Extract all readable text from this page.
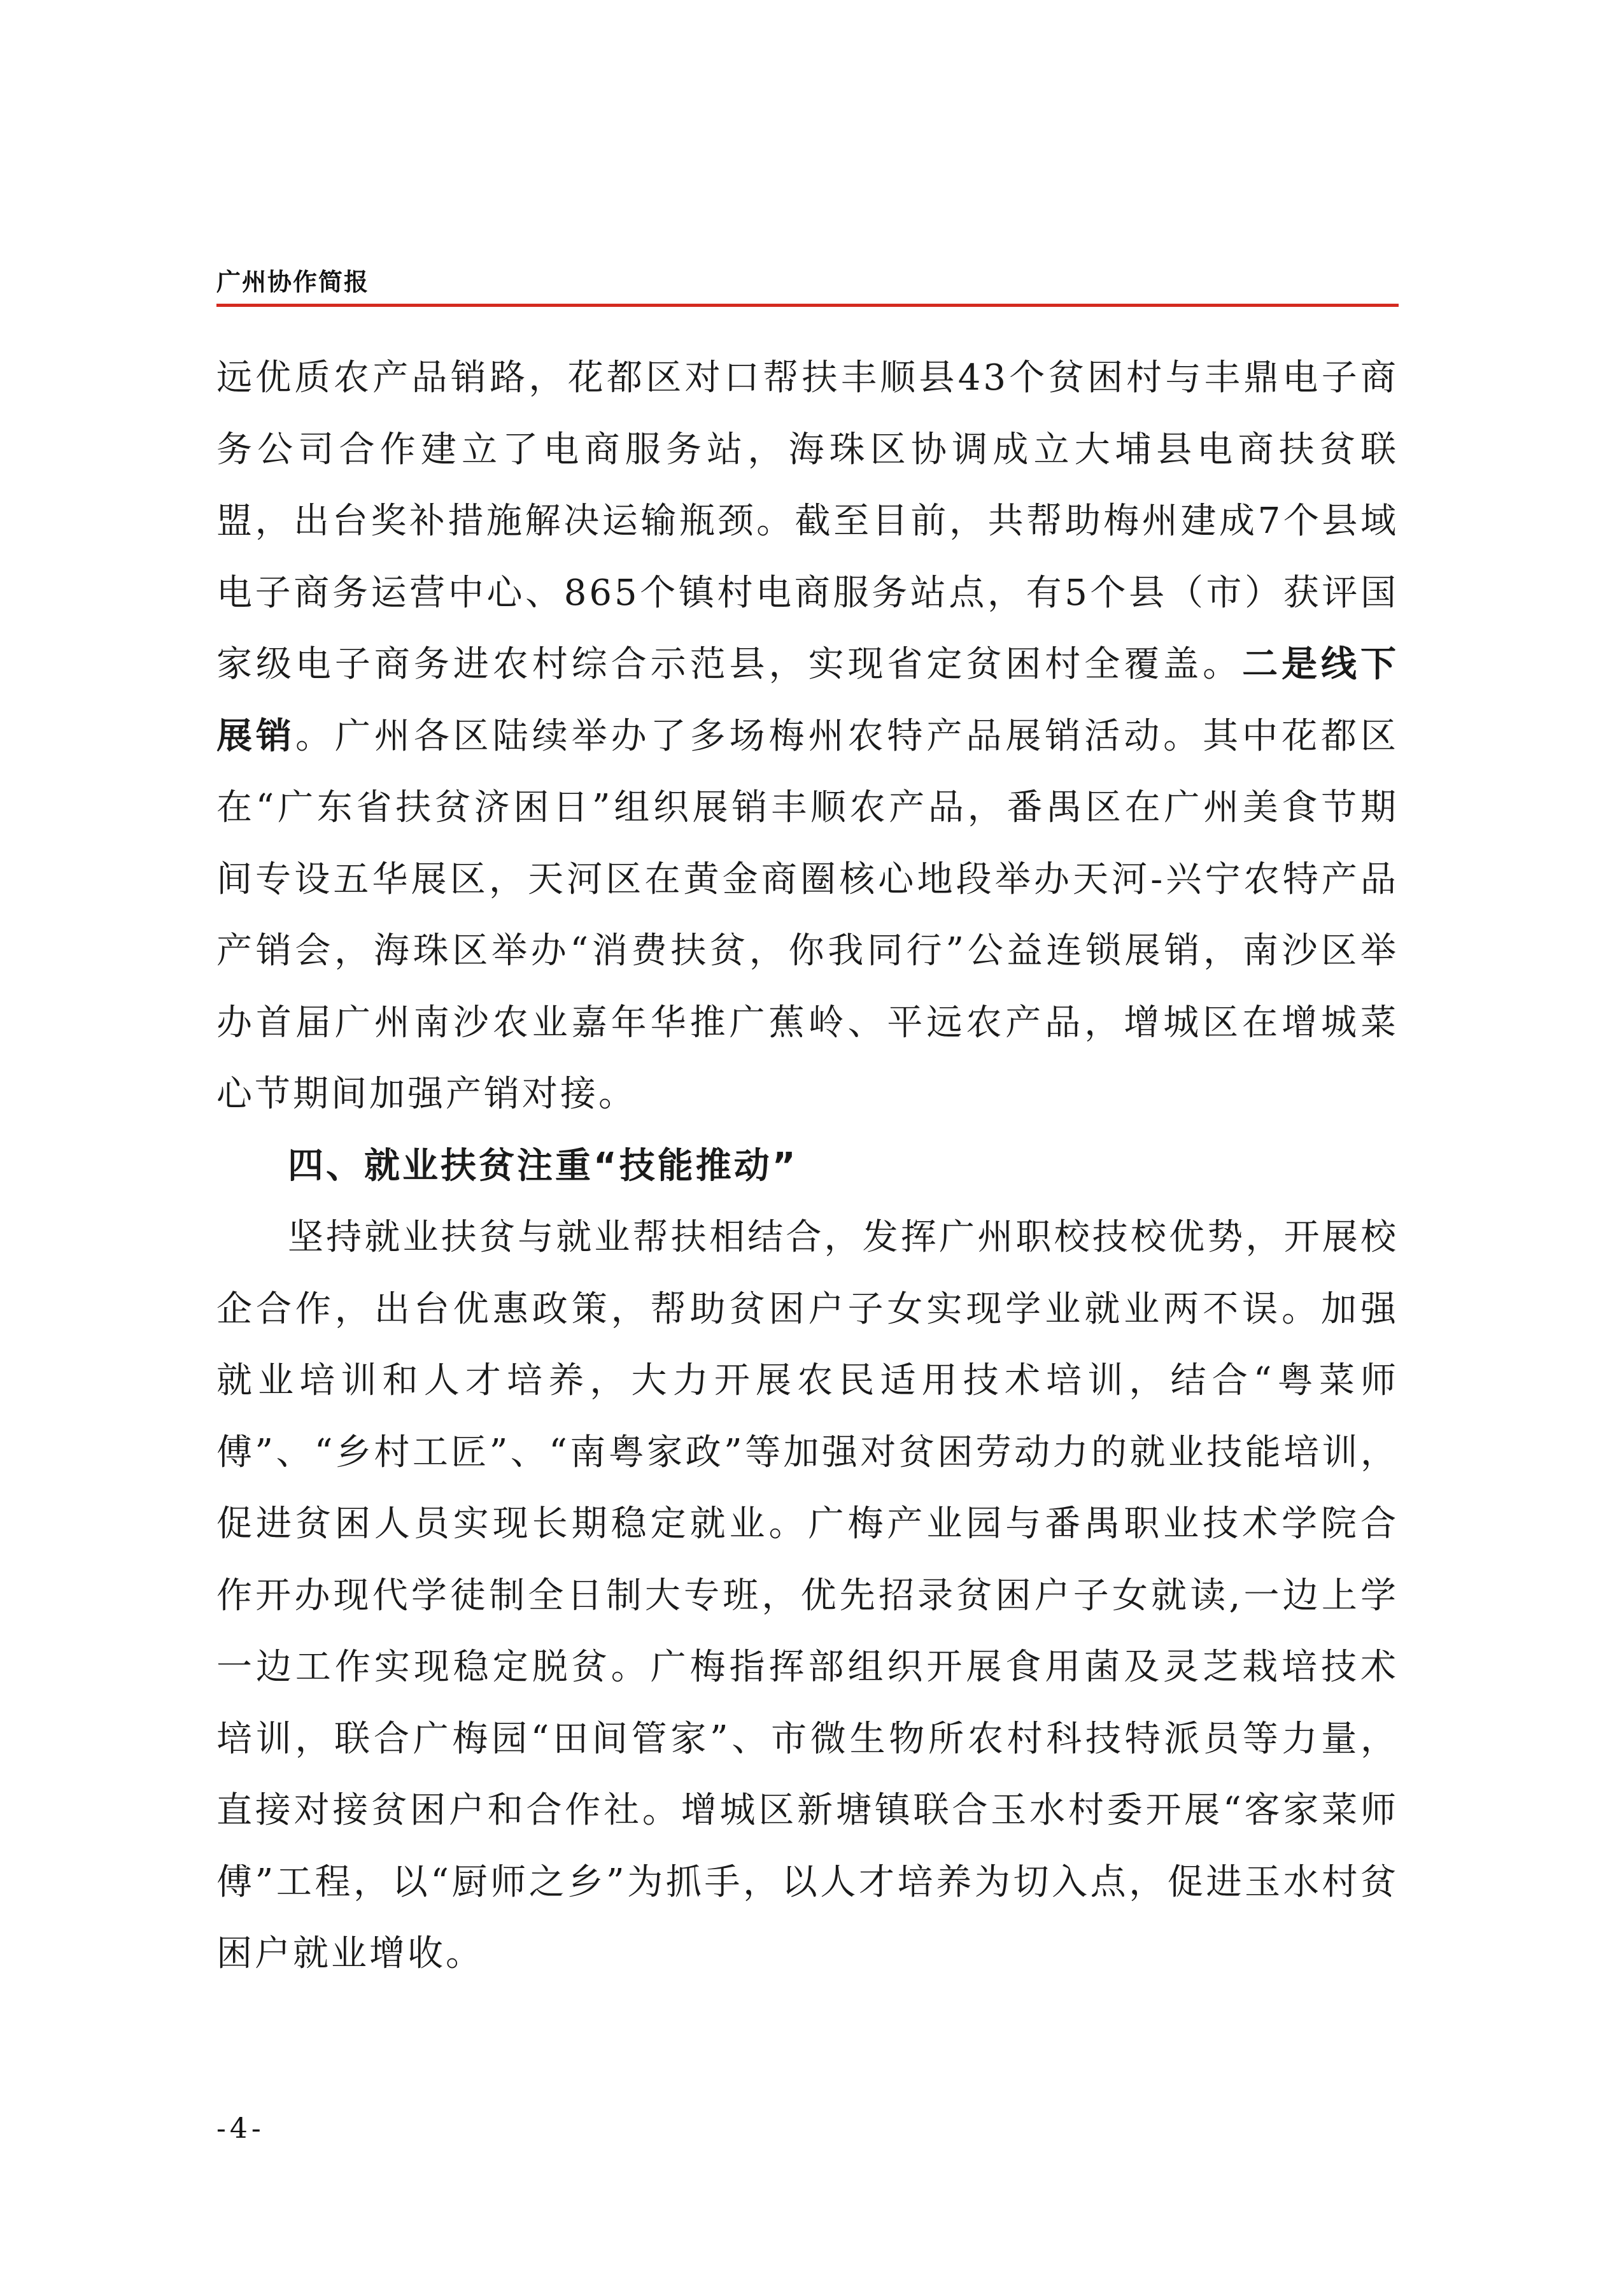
广州协作简报

远优质农产品销路，花都区对口帮扶丰顺县43个贫困村与丰鼎电子商务公司合作建立了电商服务站，海珠区协调成立大埔县电商扶贫联盟，出台奖补措施解决运输瓶颈。截至目前，共帮助梅州建成7个县域电子商务运营中心、865个镇村电商服务站点，有5个县（市）获评国家级电子商务进农村综合示范县，实现省定贫困村全覆盖。二是线下展销。广州各区陆续举办了多场梅州农特产品展销活动。其中花都区在“广东省扶贫济困日”组织展销丰顺农产品，番禺区在广州美食节期间专设五华展区，天河区在黄金商圈核心地段举办天河-兴宁农特产品产销会，海珠区举办“消费扶贫，你我同行”公益连锁展销，南沙区举办首届广州南沙农业嘉年华推广蕉岭、平远农产品，增城区在增城菜心节期间加强产销对接。

四、就业扶贫注重“技能推动”

坚持就业扶贫与就业帮扶相结合，发挥广州职校技校优势，开展校企合作，出台优惠政策，帮助贫困户子女实现学业就业两不误。加强就业培训和人才培养，大力开展农民适用技术培训，结合“粤菜师傅”、“乡村工匠”、“南粤家政”等加强对贫困劳动力的就业技能培训，促进贫困人员实现长期稳定就业。广梅产业园与番禺职业技术学院合作开办现代学徒制全日制大专班，优先招录贫困户子女就读,一边上学一边工作实现稳定脱贫。广梅指挥部组织开展食用菌及灵芝栽培技术培训，联合广梅园“田间管家”、市微生物所农村科技特派员等力量，直接对接贫困户和合作社。增城区新塘镇联合玉水村委开展“客家菜师傅”工程，以“厨师之乡”为抓手，以人才培养为切入点，促进玉水村贫困户就业增收。

-4-
